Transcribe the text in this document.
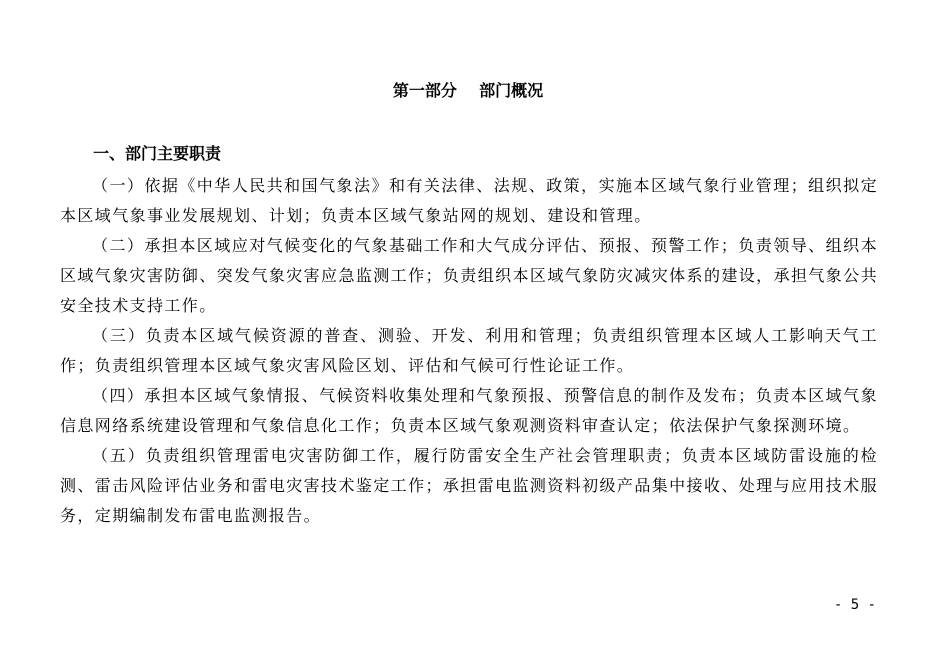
第一部分    部门概况
一、部门主要职责

（一）依据《中华人民共和国气象法》和有关法律、法规、政策，实施本区域气象行业管理；组织拟定本区域气象事业发展规划、计划；负责本区域气象站网的规划、建设和管理。

（二）承担本区域应对气候变化的气象基础工作和大气成分评估、预报、预警工作；负责领导、组织本区域气象灾害防御、突发气象灾害应急监测工作；负责组织本区域气象防灾减灾体系的建设，承担气象公共安全技术支持工作。

（三）负责本区域气候资源的普查、测验、开发、利用和管理；负责组织管理本区域人工影响天气工作；负责组织管理本区域气象灾害风险区划、评估和气候可行性论证工作。

（四）承担本区域气象情报、气候资料收集处理和气象预报、预警信息的制作及发布；负责本区域气象信息网络系统建设管理和气象信息化工作；负责本区域气象观测资料审查认定；依法保护气象探测环境。

（五）负责组织管理雷电灾害防御工作，履行防雷安全生产社会管理职责；负责本区域防雷设施的检测、雷击风险评估业务和雷电灾害技术鉴定工作；承担雷电监测资料初级产品集中接收、处理与应用技术服务，定期编制发布雷电监测报告。

- 5 -
